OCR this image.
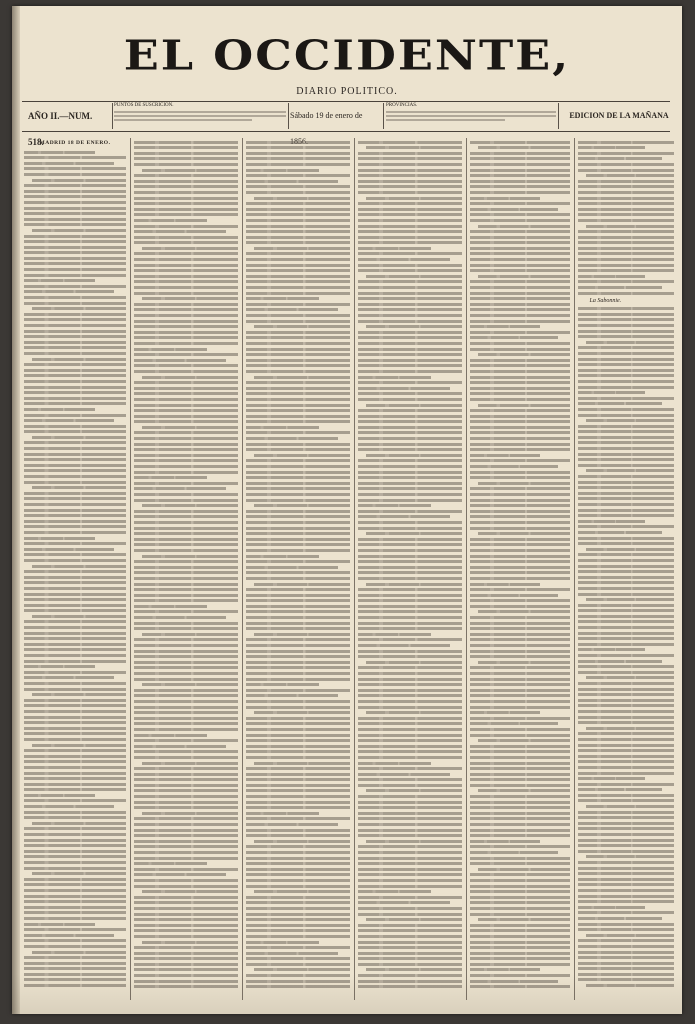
EL OCCIDENTE,
DIARIO POLITICO.
AÑO II.—NUM. 518.
PUNTOS DE SUSCRICION.
Sábado 19 de enero de
PROVINCIAS.
EDICION DE LA MAÑANA
MADRID 18 DE ENERO.
La Sabonnie.
